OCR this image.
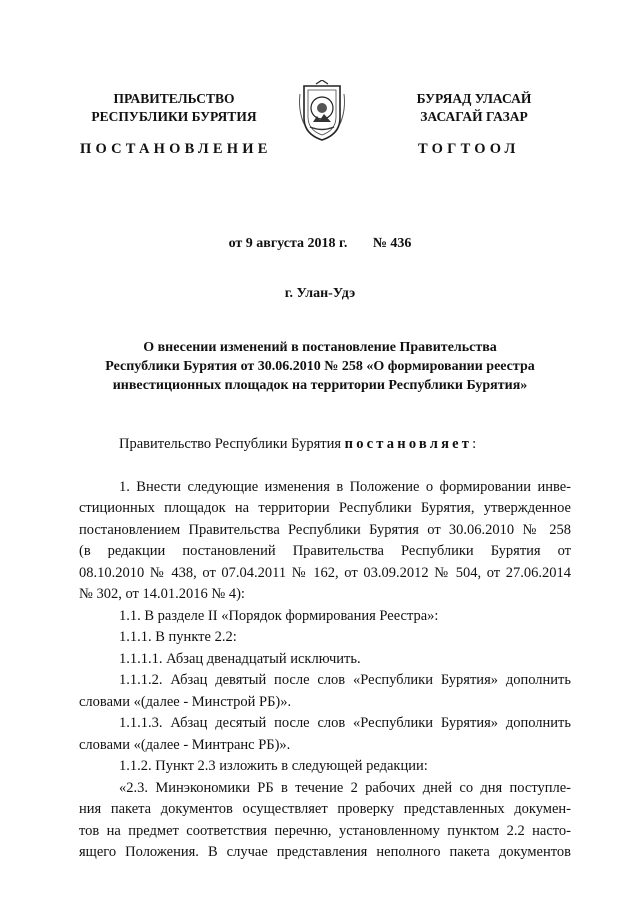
ПРАВИТЕЛЬСТВО
РЕСПУБЛИКИ БУРЯТИЯ
БУРЯАД УЛАСАЙ
ЗАСАГАЙ ГАЗАР
ПОСТАНОВЛЕНИЕ	ТОГТООЛ
от 9 августа 2018 г. № 436
г. Улан-Удэ
О внесении изменений в постановление Правительства
Республики Бурятия от 30.06.2010 № 258 «О формировании реестра
инвестиционных площадок на территории Республики Бурятия»

Правительство Республики Бурятия постановляет:

1. Внести следующие изменения в Положение о формировании инве-

стиционных площадок на территории Республики Бурятия, утвержденное

постановлением Правительства Республики Бурятия от 30.06.2010 № 258

(в редакции постановлений Правительства Республики Бурятия от

08.10.2010 № 438, от 07.04.2011 № 162, от 03.09.2012 № 504, от 27.06.2014

№ 302, от 14.01.2016 № 4):

1.1. В разделе II «Порядок формирования Реестра»:

1.1.1. В пункте 2.2:

1.1.1.1. Абзац двенадцатый исключить.

1.1.1.2. Абзац девятый после слов «Республики Бурятия» дополнить

словами «(далее - Минстрой РБ)».

1.1.1.3. Абзац десятый после слов «Республики Бурятия» дополнить

словами «(далее - Минтранс РБ)».

1.1.2. Пункт 2.3 изложить в следующей редакции:

«2.3. Минэкономики РБ в течение 2 рабочих дней со дня поступле-

ния пакета документов осуществляет проверку представленных докумен-

тов на предмет соответствия перечню, установленному пунктом 2.2 насто-

ящего Положения. В случае представления неполного пакета документов
